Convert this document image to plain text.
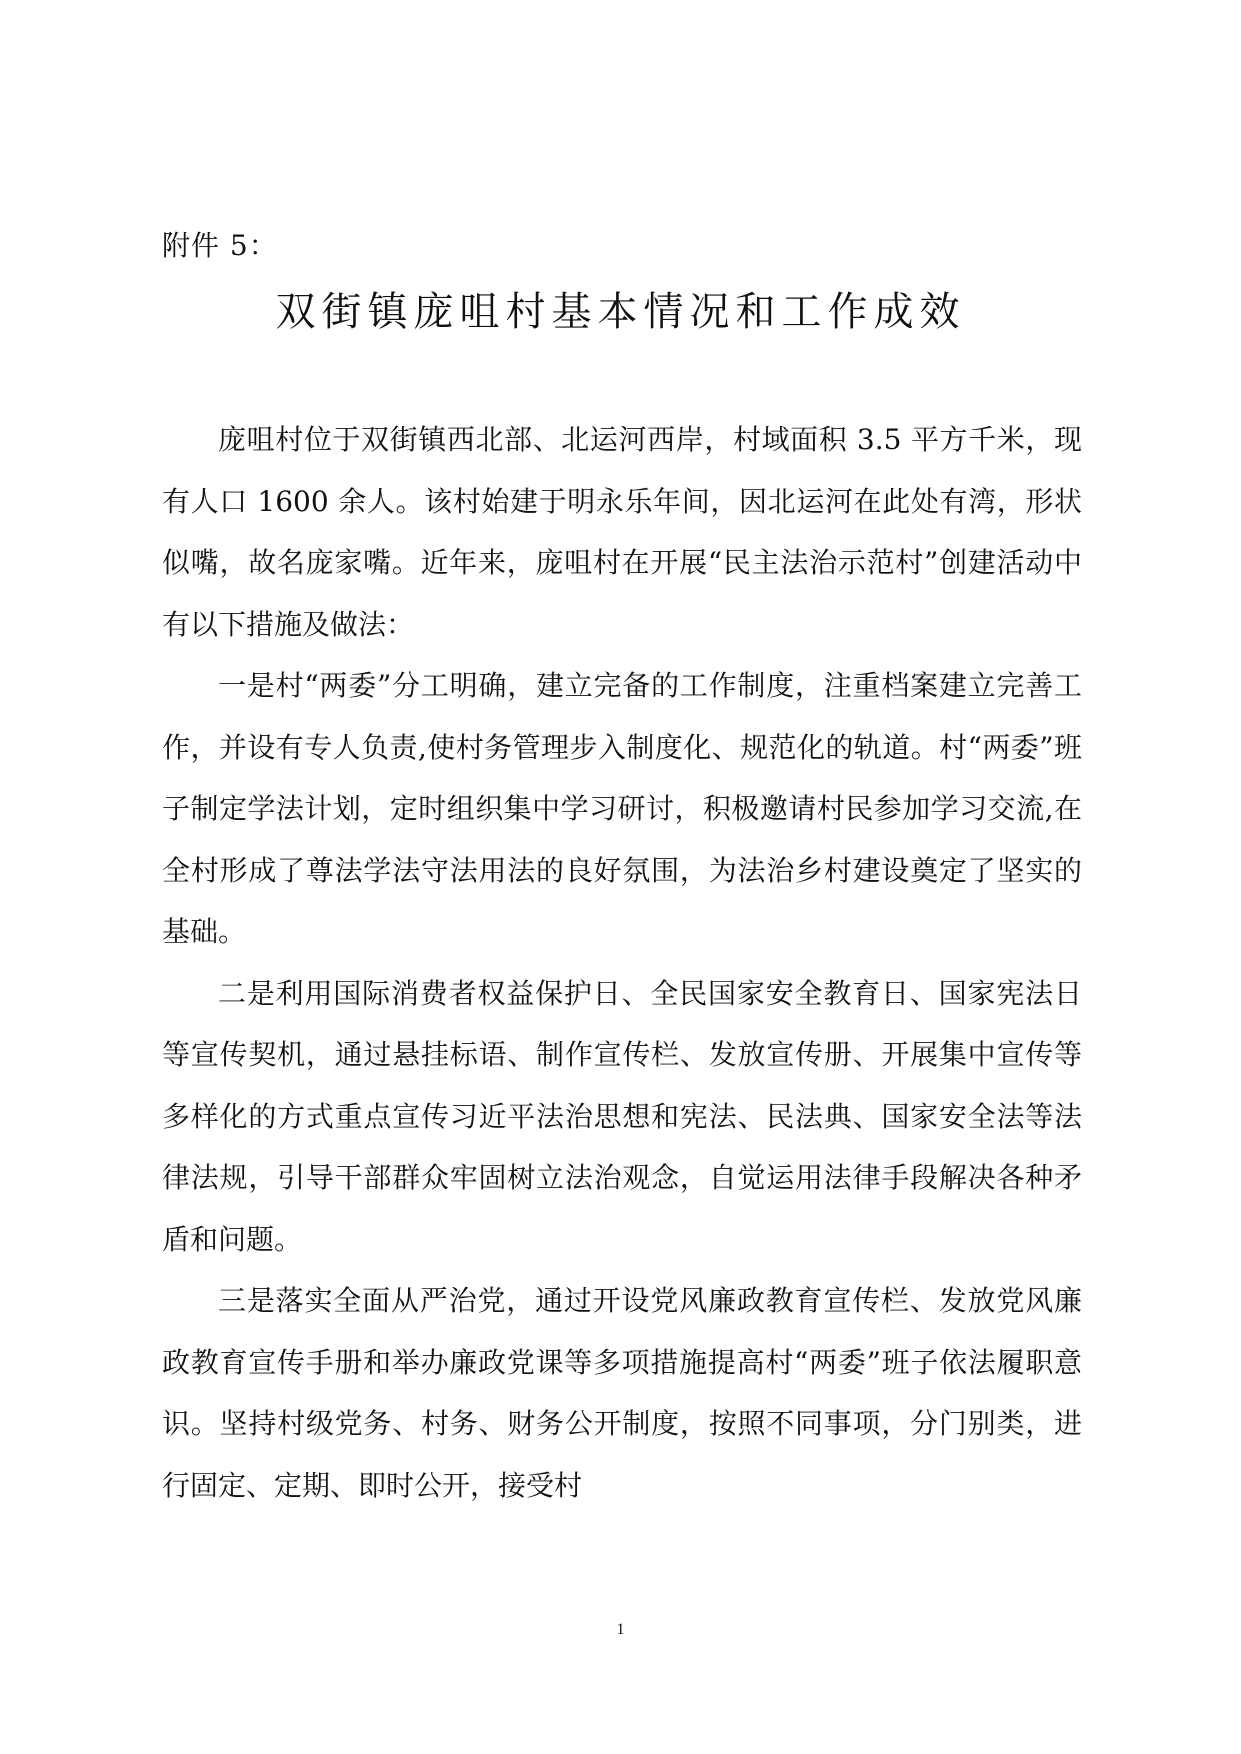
附件 5：
双街镇庞咀村基本情况和工作成效

庞咀村位于双街镇西北部、北运河西岸，村域面积 3.5 平方千米，现有人口 1600 余人。该村始建于明永乐年间，因北运河在此处有湾，形状似嘴，故名庞家嘴。近年来，庞咀村在开展“民主法治示范村”创建活动中有以下措施及做法：

一是村“两委”分工明确，建立完备的工作制度，注重档案建立完善工作，并设有专人负责,使村务管理步入制度化、规范化的轨道。村“两委”班子制定学法计划，定时组织集中学习研讨，积极邀请村民参加学习交流,在全村形成了尊法学法守法用法的良好氛围，为法治乡村建设奠定了坚实的基础。

二是利用国际消费者权益保护日、全民国家安全教育日、国家宪法日等宣传契机，通过悬挂标语、制作宣传栏、发放宣传册、开展集中宣传等多样化的方式重点宣传习近平法治思想和宪法、民法典、国家安全法等法律法规，引导干部群众牢固树立法治观念，自觉运用法律手段解决各种矛盾和问题。

三是落实全面从严治党，通过开设党风廉政教育宣传栏、发放党风廉政教育宣传手册和举办廉政党课等多项措施提高村“两委”班子依法履职意识。坚持村级党务、村务、财务公开制度，按照不同事项，分门别类，进行固定、定期、即时公开，接受村

1
